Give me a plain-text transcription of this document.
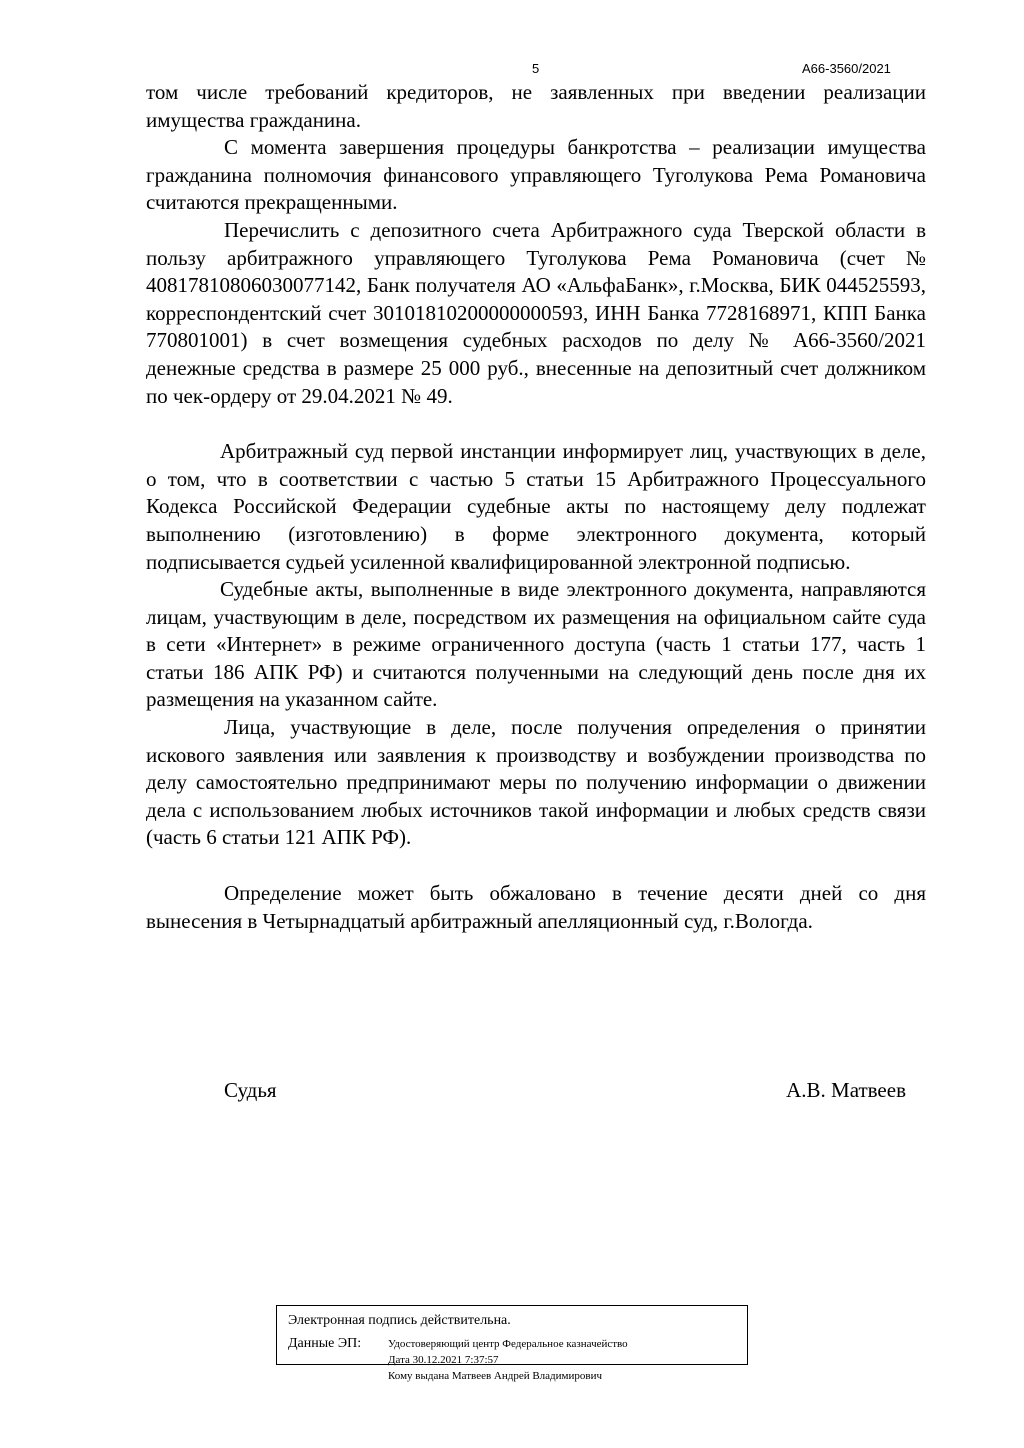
5	А66-3560/2021

том числе требований кредиторов, не заявленных при введении реализации имущества гражданина.

С момента завершения процедуры банкротства – реализации имущества гражданина полномочия финансового управляющего Туголукова Рема Романовича считаются прекращенными.

Перечислить с депозитного счета Арбитражного суда Тверской области в пользу арбитражного управляющего Туголукова Рема Романовича (счет № 40817810806030077142, Банк получателя АО «АльфаБанк», г.Москва, БИК 044525593, корреспондентский счет 30101810200000000593, ИНН Банка 7728168971, КПП Банка 770801001) в счет возмещения судебных расходов по делу № А66-3560/2021 денежные средства в размере 25 000 руб., внесенные на депозитный счет должником по чек-ордеру от 29.04.2021 № 49.

Арбитражный суд первой инстанции информирует лиц, участвующих в деле, о том, что в соответствии с частью 5 статьи 15 Арбитражного Процессуального Кодекса Российской Федерации судебные акты по настоящему делу подлежат выполнению (изготовлению) в форме электронного документа, который подписывается судьей усиленной квалифицированной электронной подписью.

Судебные акты, выполненные в виде электронного документа, направляются лицам, участвующим в деле, посредством их размещения на официальном сайте суда в сети «Интернет» в режиме ограниченного доступа (часть 1 статьи 177, часть 1 статьи 186 АПК РФ) и считаются полученными на следующий день после дня их размещения на указанном сайте.

Лица, участвующие в деле, после получения определения о принятии искового заявления или заявления к производству и возбуждении производства по делу самостоятельно предпринимают меры по получению информации о движении дела с использованием любых источников такой информации и любых средств связи (часть 6 статьи 121 АПК РФ).

Определение может быть обжаловано в течение десяти дней со дня вынесения в Четырнадцатый арбитражный апелляционный суд, г.Вологда.

Судья	А.В. Матвеев
Электронная подпись действительна.
Данные ЭП: Удостоверяющий центр Федеральное казначейство
Дата 30.12.2021 7:37:57
Кому выдана Матвеев Андрей Владимирович
